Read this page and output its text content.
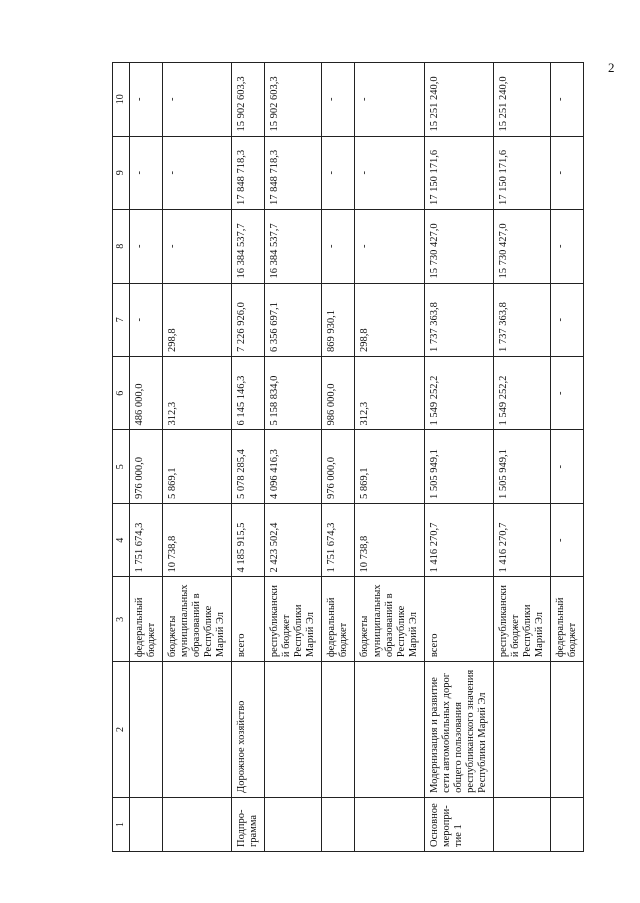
2
1	2	3	4	5	6	7	8	9	10
		федеральный бюджет	1 751 674,3	976 000,0	486 000,0	-	-	-	-
		бюджеты муниципальных образований в Республике Марий Эл	10 738,8	5 869,1	312,3	298,8	-	-	-
Подпро- грамма	Дорожное хозяйство	всего	4 185 915,5	5 078 285,4	6 145 146,3	7 226 926,0	16 384 537,7	17 848 718,3	15 902 603,3
		республиканский бюджет Республики Марий Эл	2 423 502,4	4 096 416,3	5 158 834,0	6 356 697,1	16 384 537,7	17 848 718,3	15 902 603,3
		федеральный бюджет	1 751 674,3	976 000,0	986 000,0	869 930,1	-	-	-
		бюджеты муниципальных образований в Республике Марий Эл	10 738,8	5 869,1	312,3	298,8	-	-	-
Основное меропри- тие 1	Модернизация и развитие сети автомобильных дорог общего пользования республиканского значения Республики Марий Эл	всего	1 416 270,7	1 505 949,1	1 549 252,2	1 737 363,8	15 730 427,0	17 150 171,6	15 251 240,0
		республиканский бюджет Республики Марий Эл	1 416 270,7	1 505 949,1	1 549 252,2	1 737 363,8	15 730 427,0	17 150 171,6	15 251 240,0
		федеральный бюджет	-	-	-	-	-	-	-
